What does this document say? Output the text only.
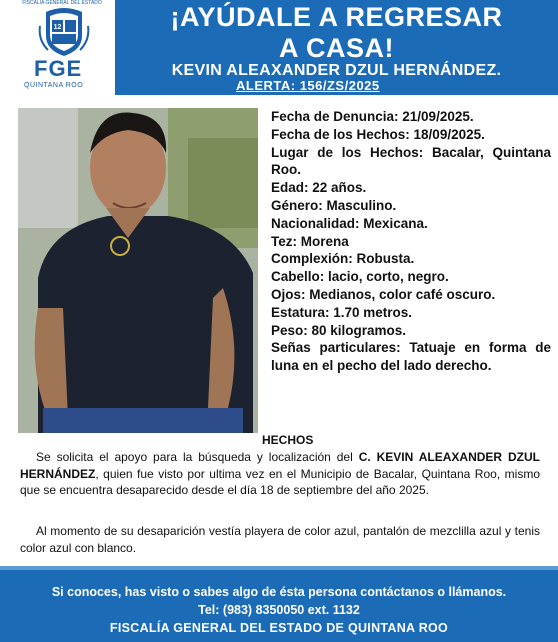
FISCALÍA GENERAL DEL ESTADO
12
FGE
QUINTANA ROO
¡AYÚDALE A REGRESAR
A CASA!
KEVIN ALEAXANDER DZUL HERNÁNDEZ.
ALERTA: 156/ZS/2025
Fecha de Denuncia: 21/09/2025.
Fecha de los Hechos: 18/09/2025.
Lugar de los Hechos: Bacalar, Quintana Roo.
Edad: 22 años.
Género: Masculino.
Nacionalidad: Mexicana.
Tez: Morena
Complexión: Robusta.
Cabello: lacio, corto, negro.
Ojos: Medianos, color café oscuro.
Estatura: 1.70 metros.
Peso: 80 kilogramos.
Señas particulares: Tatuaje en forma de luna en el pecho del lado derecho.
HECHOS
Se solicita el apoyo para la búsqueda y localización del C. KEVIN ALEAXANDER DZUL HERNÁNDEZ, quien fue visto por ultima vez en el Municipio de Bacalar, Quintana Roo, mismo que se encuentra desaparecido desde el día 18 de septiembre del año 2025.
Al momento de su desaparición vestía playera de color azul, pantalón de mezclilla azul y tenis color azul con blanco.
Si conoces, has visto o sabes algo de ésta persona contáctanos o llámanos.
Tel: (983) 8350050 ext. 1132
FISCALÍA GENERAL DEL ESTADO DE QUINTANA ROO
